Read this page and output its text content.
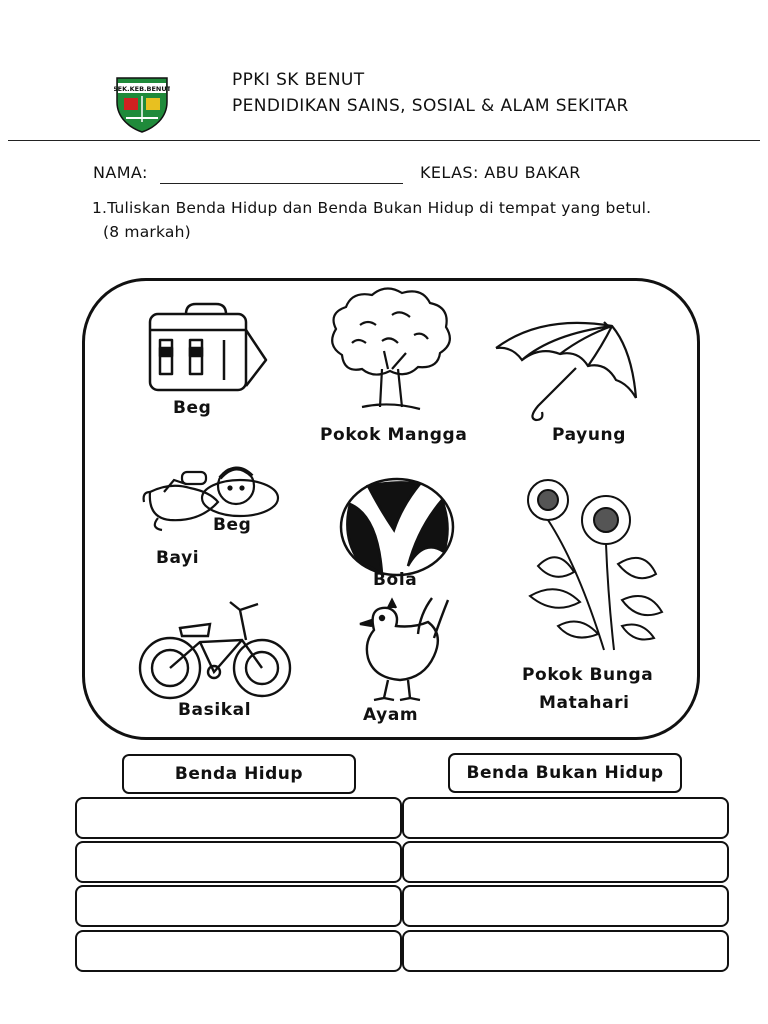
SEK.KEB.BENUT	PPKI SK BENUT
PENDIDIKAN SAINS, SOSIAL & ALAM SEKITAR
NAMA:	KELAS: ABU BAKAR
1.Tuliskan Benda Hidup dan Benda Bukan Hidup di tempat yang betul.
(8 markah)
Beg
Pokok Mangga	Payung
Beg
Bayi
Bola
Pokok Bunga
Matahari
Basikal	Ayam
Benda Hidup	Benda Bukan Hidup
